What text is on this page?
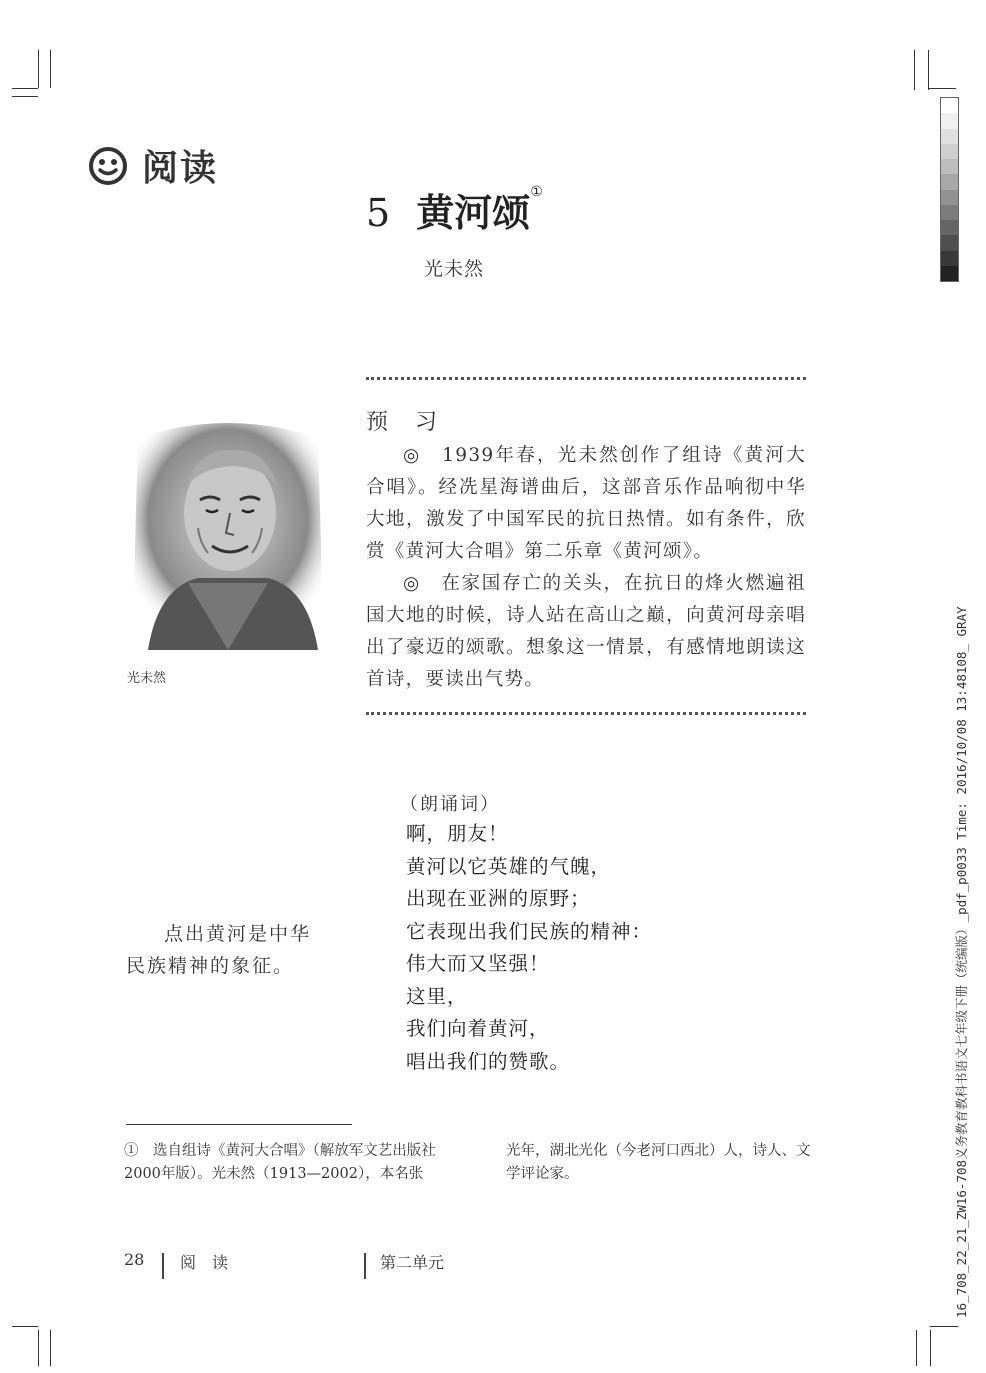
阅读
5 黄河颂①
光未然
预 习

◎　1939年春，光未然创作了组诗《黄河大合唱》。经冼星海谱曲后，这部音乐作品响彻中华大地，激发了中国军民的抗日热情。如有条件，欣赏《黄河大合唱》第二乐章《黄河颂》。

◎　在家国存亡的关头，在抗日的烽火燃遍祖国大地的时候，诗人站在高山之巅，向黄河母亲唱出了豪迈的颂歌。想象这一情景，有感情地朗读这首诗，要读出气势。

光未然
（朗诵词）
啊，朋友！
黄河以它英雄的气魄，
出现在亚洲的原野；
它表现出我们民族的精神：
伟大而又坚强！
这里，
我们向着黄河，
唱出我们的赞歌。

点出黄河是中华民族精神的象征。

①　选自组诗《黄河大合唱》（解放军文艺出版社2000年版）。光未然（1913—2002），本名张
光年，湖北光化（今老河口西北）人，诗人、文学评论家。
28 阅　读	第二单元	16_708_22_21_ZW16-708义务教育教科书语文七年级下册（统编版）_pdf_p0033 Time: 2016/10/08 13:48108_ GRAY
